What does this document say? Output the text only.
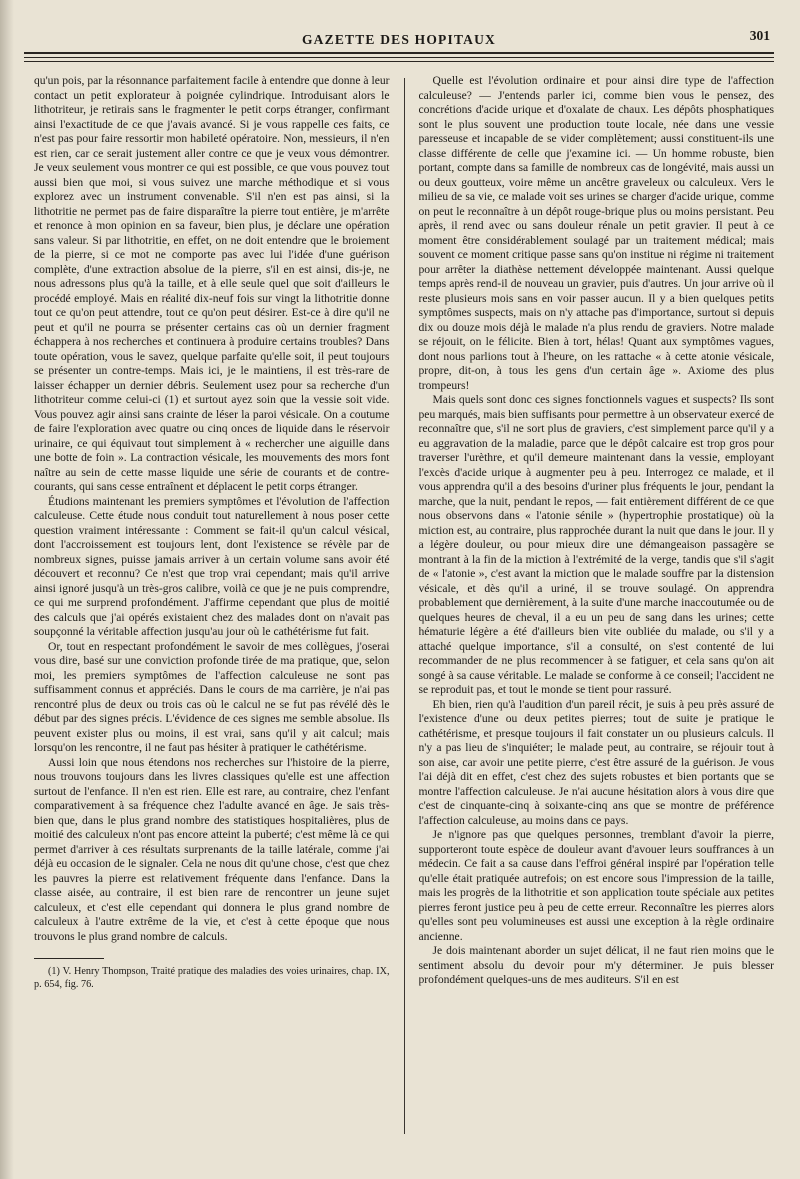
GAZETTE DES HOPITAUX	301

qu'un pois, par la résonnance parfaitement facile à entendre que donne à leur contact un petit explorateur à poignée cylindrique. Introduisant alors le lithotriteur, je retirais sans le fragmenter le petit corps étranger, confirmant ainsi l'exactitude de ce que j'avais avancé. Si je vous rappelle ces faits, ce n'est pas pour faire ressortir mon habileté opératoire. Non, messieurs, il n'en est rien, car ce serait justement aller contre ce que je veux vous démontrer. Je veux seulement vous montrer ce qui est possible, ce que vous pouvez tout aussi bien que moi, si vous suivez une marche méthodique et si vous explorez avec un instrument convenable. S'il n'en est pas ainsi, si la lithotritie ne permet pas de faire disparaître la pierre tout entière, je m'arrête et renonce à mon opinion en sa faveur, bien plus, je déclare une opération sans valeur. Si par lithotritie, en effet, on ne doit entendre que le broiement de la pierre, si ce mot ne comporte pas avec lui l'idée d'une guérison complète, d'une extraction absolue de la pierre, s'il en est ainsi, dis-je, ne nous adressons plus qu'à la taille, et à elle seule quel que soit d'ailleurs le procédé employé. Mais en réalité dix-neuf fois sur vingt la lithotritie donne tout ce qu'on peut attendre, tout ce qu'on peut désirer. Est-ce à dire qu'il ne peut et qu'il ne pourra se présenter certains cas où un dernier fragment échappera à nos recherches et continuera à produire certains troubles? Dans toute opération, vous le savez, quelque parfaite qu'elle soit, il peut toujours se présenter un contre-temps. Mais ici, je le maintiens, il est très-rare de laisser échapper un dernier débris. Seulement usez pour sa recherche d'un lithotriteur comme celui-ci (1) et surtout ayez soin que la vessie soit vide. Vous pouvez agir ainsi sans crainte de léser la paroi vésicale. On a coutume de faire l'exploration avec quatre ou cinq onces de liquide dans le réservoir urinaire, ce qui équivaut tout simplement à « rechercher une aiguille dans une botte de foin ». La contraction vésicale, les mouvements des mors font naître au sein de cette masse liquide une série de courants et de contre-courants, qui sans cesse entraînent et déplacent le petit corps étranger.

Étudions maintenant les premiers symptômes et l'évolution de l'affection calculeuse. Cette étude nous conduit tout naturellement à nous poser cette question vraiment intéressante : Comment se fait-il qu'un calcul vésical, dont l'accroissement est toujours lent, dont l'existence se révèle par de nombreux signes, puisse jamais arriver à un certain volume sans avoir été découvert et reconnu? Ce n'est que trop vrai cependant; mais qu'il arrive ainsi ignoré jusqu'à un très-gros calibre, voilà ce que je ne puis comprendre, ce qui me surprend profondément. J'affirme cependant que plus de moitié des calculs que j'ai opérés existaient chez des malades dont on n'avait pas soupçonné la véritable affection jusqu'au jour où le cathétérisme fut fait.

Or, tout en respectant profondément le savoir de mes collègues, j'oserai vous dire, basé sur une conviction profonde tirée de ma pratique, que, selon moi, les premiers symptômes de l'affection calculeuse ne sont pas suffisamment connus et appréciés. Dans le cours de ma carrière, je n'ai pas rencontré plus de deux ou trois cas où le calcul ne se fut pas révélé dès le début par des signes précis. L'évidence de ces signes me semble absolue. Ils peuvent exister plus ou moins, il est vrai, sans qu'il y ait calcul; mais lorsqu'on les rencontre, il ne faut pas hésiter à pratiquer le cathétérisme.

Aussi loin que nous étendons nos recherches sur l'histoire de la pierre, nous trouvons toujours dans les livres classiques qu'elle est une affection surtout de l'enfance. Il n'en est rien. Elle est rare, au contraire, chez l'enfant comparativement à sa fréquence chez l'adulte avancé en âge. Je sais très-bien que, dans le plus grand nombre des statistiques hospitalières, plus de moitié des calculeux n'ont pas encore atteint la puberté; c'est même là ce qui permet d'arriver à ces résultats surprenants de la taille latérale, comme j'ai déjà eu occasion de le signaler. Cela ne nous dit qu'une chose, c'est que chez les pauvres la pierre est relativement fréquente dans l'enfance. Dans la classe aisée, au contraire, il est bien rare de rencontrer un jeune sujet calculeux, et c'est elle cependant qui donnera le plus grand nombre de calculeux à l'autre extrême de la vie, et c'est à cette époque que nous trouvons le plus grand nombre de calculs.

(1) V. Henry Thompson, Traité pratique des maladies des voies urinaires, chap. IX, p. 654, fig. 76.

Quelle est l'évolution ordinaire et pour ainsi dire type de l'affection calculeuse? — J'entends parler ici, comme bien vous le pensez, des concrétions d'acide urique et d'oxalate de chaux. Les dépôts phosphatiques sont le plus souvent une production toute locale, née dans une vessie paresseuse et incapable de se vider complètement; aussi constituent-ils une classe différente de celle que j'examine ici. — Un homme robuste, bien portant, compte dans sa famille de nombreux cas de longévité, mais aussi un ou deux goutteux, voire même un ancêtre graveleux ou calculeux. Vers le milieu de sa vie, ce malade voit ses urines se charger d'acide urique, comme on peut le reconnaître à un dépôt rouge-brique plus ou moins persistant. Peu après, il rend avec ou sans douleur rénale un petit gravier. Il peut à ce moment être considérablement soulagé par un traitement médical; mais souvent ce moment critique passe sans qu'on institue ni régime ni traitement pour arrêter la diathèse nettement développée maintenant. Aussi quelque temps après rend-il de nouveau un gravier, puis d'autres. Un jour arrive où il reste plusieurs mois sans en voir passer aucun. Il y a bien quelques petits symptômes suspects, mais on n'y attache pas d'importance, surtout si depuis dix ou douze mois déjà le malade n'a plus rendu de graviers. Notre malade se réjouit, on le félicite. Bien à tort, hélas! Quant aux symptômes vagues, dont nous parlions tout à l'heure, on les rattache « à cette atonie vésicale, propre, dit-on, à tous les gens d'un certain âge ». Axiome des plus trompeurs!

Mais quels sont donc ces signes fonctionnels vagues et suspects? Ils sont peu marqués, mais bien suffisants pour permettre à un observateur exercé de reconnaître que, s'il ne sort plus de graviers, c'est simplement parce qu'il y a eu aggravation de la maladie, parce que le dépôt calcaire est trop gros pour traverser l'urèthre, et qu'il demeure maintenant dans la vessie, employant l'excès d'acide urique à augmenter peu à peu. Interrogez ce malade, et il vous apprendra qu'il a des besoins d'uriner plus fréquents le jour, pendant la marche, que la nuit, pendant le repos, — fait entièrement différent de ce que nous observons dans « l'atonie sénile » (hypertrophie prostatique) où la miction est, au contraire, plus rapprochée durant la nuit que dans le jour. Il y a légère douleur, ou pour mieux dire une démangeaison passagère se montrant à la fin de la miction à l'extrémité de la verge, tandis que s'il s'agit de « l'atonie », c'est avant la miction que le malade souffre par la distension vésicale, et dès qu'il a uriné, il se trouve soulagé. On apprendra probablement que dernièrement, à la suite d'une marche inaccoutumée ou de quelques heures de cheval, il a eu un peu de sang dans les urines; cette hématurie légère a été d'ailleurs bien vite oubliée du malade, ou s'il y a attaché quelque importance, s'il a consulté, on s'est contenté de lui recommander de ne plus recommencer à se fatiguer, et cela sans qu'on ait songé à sa cause véritable. Le malade se conforme à ce conseil; l'accident ne se reproduit pas, et tout le monde se tient pour rassuré.

Eh bien, rien qu'à l'audition d'un pareil récit, je suis à peu près assuré de l'existence d'une ou deux petites pierres; tout de suite je pratique le cathétérisme, et presque toujours il fait constater un ou plusieurs calculs. Il n'y a pas lieu de s'inquiéter; le malade peut, au contraire, se réjouir tout à son aise, car avoir une petite pierre, c'est être assuré de la guérison. Je vous l'ai déjà dit en effet, c'est chez des sujets robustes et bien portants que se montre l'affection calculeuse. Je n'ai aucune hésitation alors à vous dire que c'est de cinquante-cinq à soixante-cinq ans que se montre de préférence l'affection calculeuse, au moins dans ce pays.

Je n'ignore pas que quelques personnes, tremblant d'avoir la pierre, supporteront toute espèce de douleur avant d'avouer leurs souffrances à un médecin. Ce fait a sa cause dans l'effroi général inspiré par l'opération telle qu'elle était pratiquée autrefois; on est encore sous l'impression de la taille, mais les progrès de la lithotritie et son application toute spéciale aux petites pierres feront justice peu à peu de cette erreur. Reconnaître les pierres alors qu'elles sont peu volumineuses est aussi une exception à la règle ordinaire ancienne.

Je dois maintenant aborder un sujet délicat, il ne faut rien moins que le sentiment absolu du devoir pour m'y déterminer. Je puis blesser profondément quelques-uns de mes auditeurs. S'il en est
